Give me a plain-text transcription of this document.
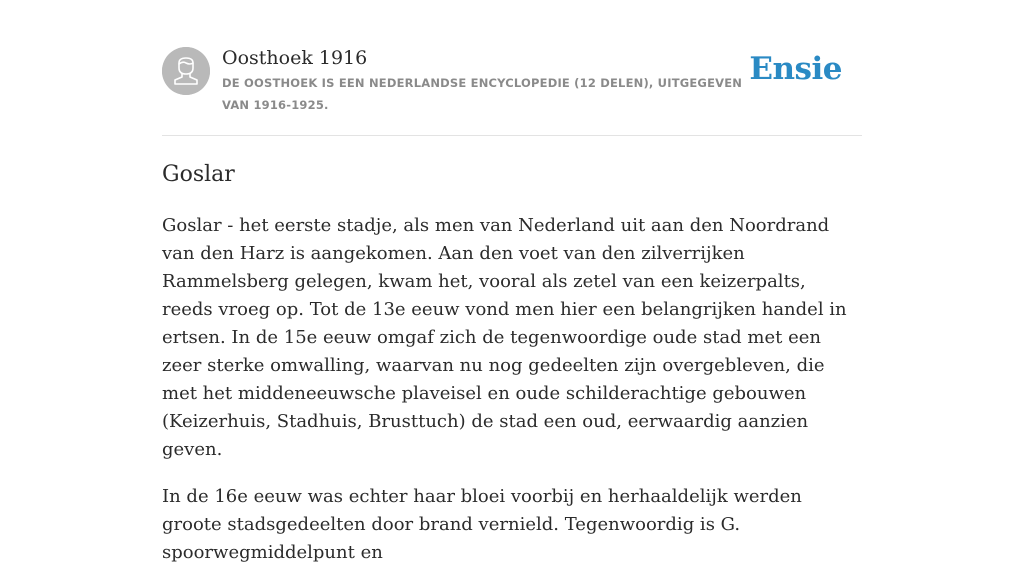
Oosthoek 1916
DE OOSTHOEK IS EEN NEDERLANDSE ENCYCLOPEDIE (12 DELEN), UITGEGEVEN VAN 1916-1925.
Ensie
Goslar

Goslar - het eerste stadje, als men van Nederland uit aan den Noordrand van den Harz is aangekomen. Aan den voet van den zilverrijken Rammelsberg gelegen, kwam het, vooral als zetel van een keizerpalts, reeds vroeg op. Tot de 13e eeuw vond men hier een belangrijken handel in ertsen. In de 15e eeuw omgaf zich de tegenwoordige oude stad met een zeer sterke omwalling, waarvan nu nog gedeelten zijn overgebleven, die met het middeneeuwsche plaveisel en oude schilderachtige gebouwen (Keizerhuis, Stadhuis, Brusttuch) de stad een oud, eerwaardig aanzien geven.

In de 16e eeuw was echter haar bloei voorbij en herhaaldelijk werden groote stadsgedeelten door brand vernield. Tegenwoordig is G. spoorwegmiddelpunt en
